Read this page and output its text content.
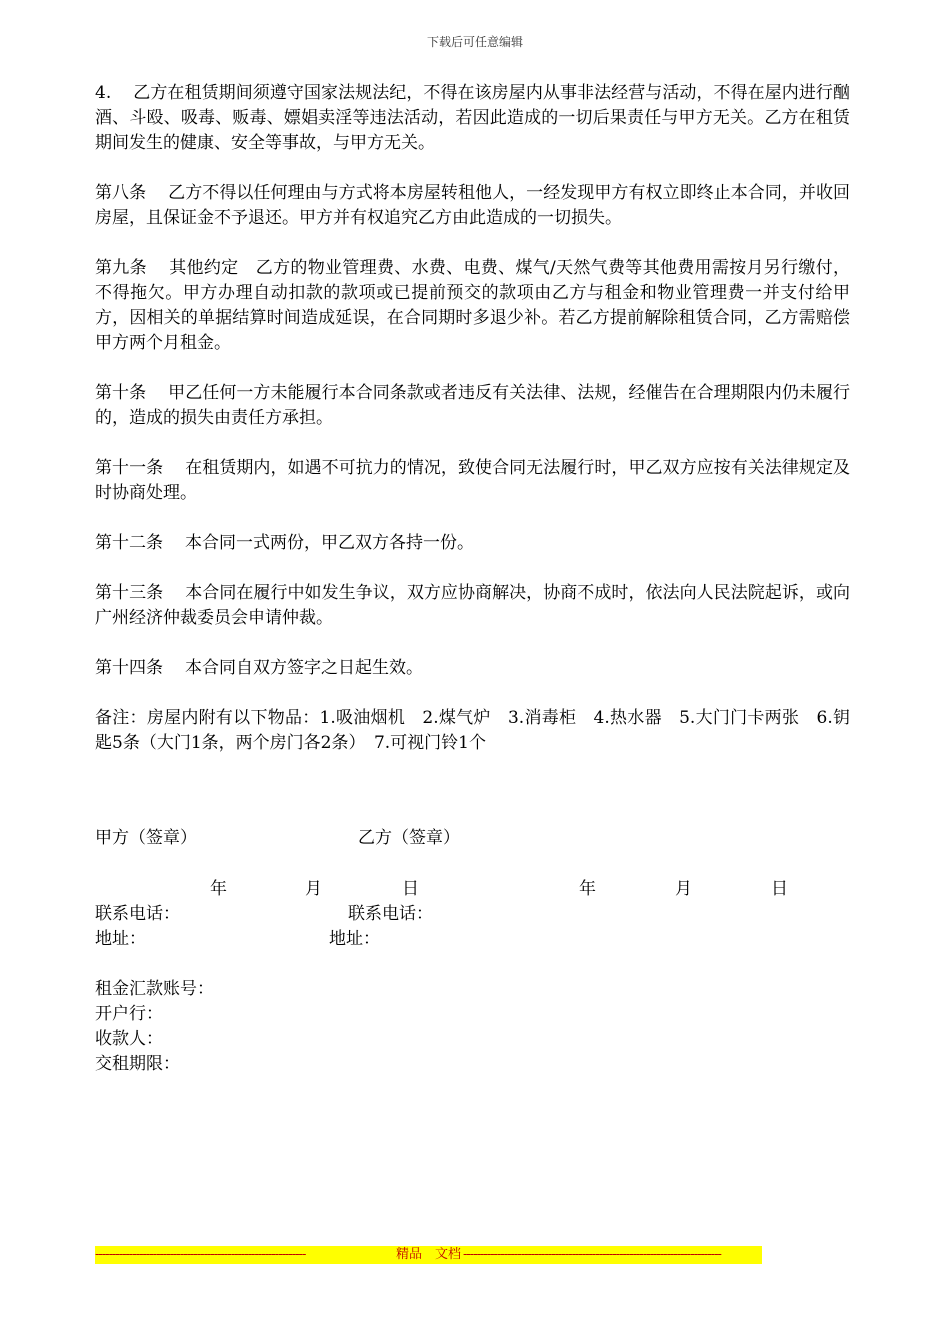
下载后可任意编辑

4. 乙方在租赁期间须遵守国家法规法纪，不得在该房屋内从事非法经营与活动，不得在屋内进行酗酒、斗殴、吸毒、贩毒、嫖娼卖淫等违法活动，若因此造成的一切后果责任与甲方无关。乙方在租赁期间发生的健康、安全等事故，与甲方无关。

第八条 乙方不得以任何理由与方式将本房屋转租他人，一经发现甲方有权立即终止本合同，并收回房屋，且保证金不予退还。甲方并有权追究乙方由此造成的一切损失。

第九条 其他约定　乙方的物业管理费、水费、电费、煤气/天然气费等其他费用需按月另行缴付，不得拖欠。甲方办理自动扣款的款项或已提前预交的款项由乙方与租金和物业管理费一并支付给甲方，因相关的单据结算时间造成延误，在合同期时多退少补。若乙方提前解除租赁合同，乙方需赔偿甲方两个月租金。

第十条 甲乙任何一方未能履行本合同条款或者违反有关法律、法规，经催告在合理期限内仍未履行的，造成的损失由责任方承担。

第十一条 在租赁期内，如遇不可抗力的情况，致使合同无法履行时，甲乙双方应按有关法律规定及时协商处理。

第十二条 本合同一式两份，甲乙双方各持一份。

第十三条 本合同在履行中如发生争议，双方应协商解决，协商不成时，依法向人民法院起诉，或向广州经济仲裁委员会申请仲裁。

第十四条 本合同自双方签字之日起生效。

备注：房屋内附有以下物品：1.吸油烟机　2.煤气炉　3.消毒柜　4.热水器　5.大门门卡两张　6.钥匙5条（大门1条，两个房门各2条）　7.可视门铃1个

甲方（签章）	乙方（签章）
年	月	日	年	月	日
联系电话：	联系电话：
地址：	地址：
租金汇款账号：
开户行：
收款人：
交租期限：
--------------------------------------------------------------	精品　文档 ----------------------------------------------------------------------------
